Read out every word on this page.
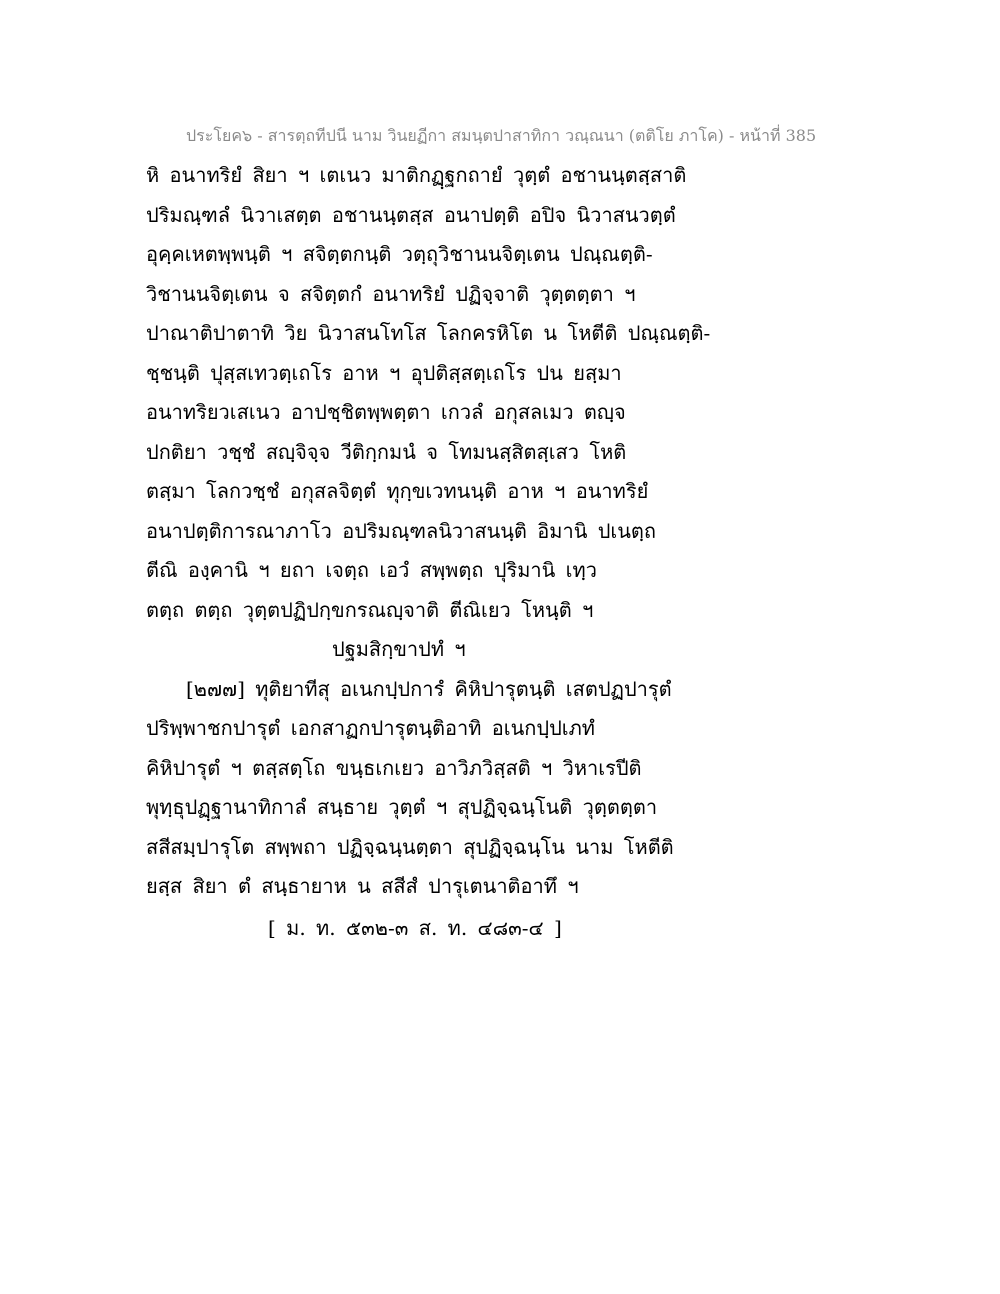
ประโยค๖ - สารตฺถทีปนี นาม วินยฏีกา สมนฺตปาสาทิกา วณฺณนา (ตติโย ภาโค) - หน้าที่ 385
หิ อนาทริยํ สิยา ฯ เตเนว มาติกฏฺฐกถายํ วุตฺตํ อชานนฺตสฺสาติ
ปริมณฺฑลํ นิวาเสตฺต อชานนฺตสฺส อนาปตฺติ อปิจ นิวาสนวตฺตํ
อุคฺคเหตพฺพนฺติ ฯ สจิตฺตกนฺติ วตฺถุวิชานนจิตฺเตน ปณฺณตฺติ-
วิชานนจิตฺเตน จ สจิตฺตกํ อนาทริยํ ปฏิจฺจาติ วุตฺตตฺตา ฯ
ปาณาติปาตาทิ วิย นิวาสนโทโส โลกครหิโต น โหตีติ ปณฺณตฺติ-
ชฺชนฺติ ปุสฺสเทวตฺเถโร อาห ฯ อุปติสฺสตฺเถโร ปน ยสฺมา
อนาทริยวเสเนว อาปชฺชิตพฺพตฺตา เกวลํ อกุสลเมว ตญฺจ
ปกติยา วชฺชํ สญฺจิจฺจ วีติกฺกมนํ จ โทมนสฺสิตสฺเสว โหติ
ตสฺมา โลกวชฺชํ อกุสลจิตฺตํ ทุกฺขเวทนนฺติ อาห ฯ อนาทริยํ
อนาปตฺติการณาภาโว อปริมณฺฑลนิวาสนนฺติ อิมานิ ปเนตฺถ
ตีณิ องฺคานิ ฯ ยถา เจตฺถ เอวํ สพฺพตฺถ ปุริมานิ เทฺว
ตตฺถ ตตฺถ วุตฺตปฏิปกฺขกรณญฺจาติ ตีณิเยว โหนฺติ ฯ
ปฐมสิกฺขาปทํ ฯ
[๒๗๗] ทุติยาทีสุ อเนกปฺปการํ คิหิปารุตนฺติ เสตปฏปารุตํ
ปริพฺพาชกปารุตํ เอกสาฏกปารุตนฺติอาทิ อเนกปฺปเภทํ
คิหิปารุตํ ฯ ตสฺสตฺโถ ขนฺธเกเยว อาวิภวิสฺสติ ฯ วิหาเรปีติ
พุทฺธุปฏฺฐานาทิกาลํ สนฺธาย วุตฺตํ ฯ สุปฏิจฺฉนฺโนติ วุตฺตตฺตา
สสีสมฺปารุโต สพฺพถา ปฏิจฺฉนฺนตฺตา สุปฏิจฺฉนฺโน นาม โหตีติ
ยสฺส สิยา ตํ สนฺธายาห น สสีสํ ปารุเตนาติอาทึ ฯ
[ ม. ท. ๕๓๒-๓ ส. ท. ๔๘๓-๔ ]
